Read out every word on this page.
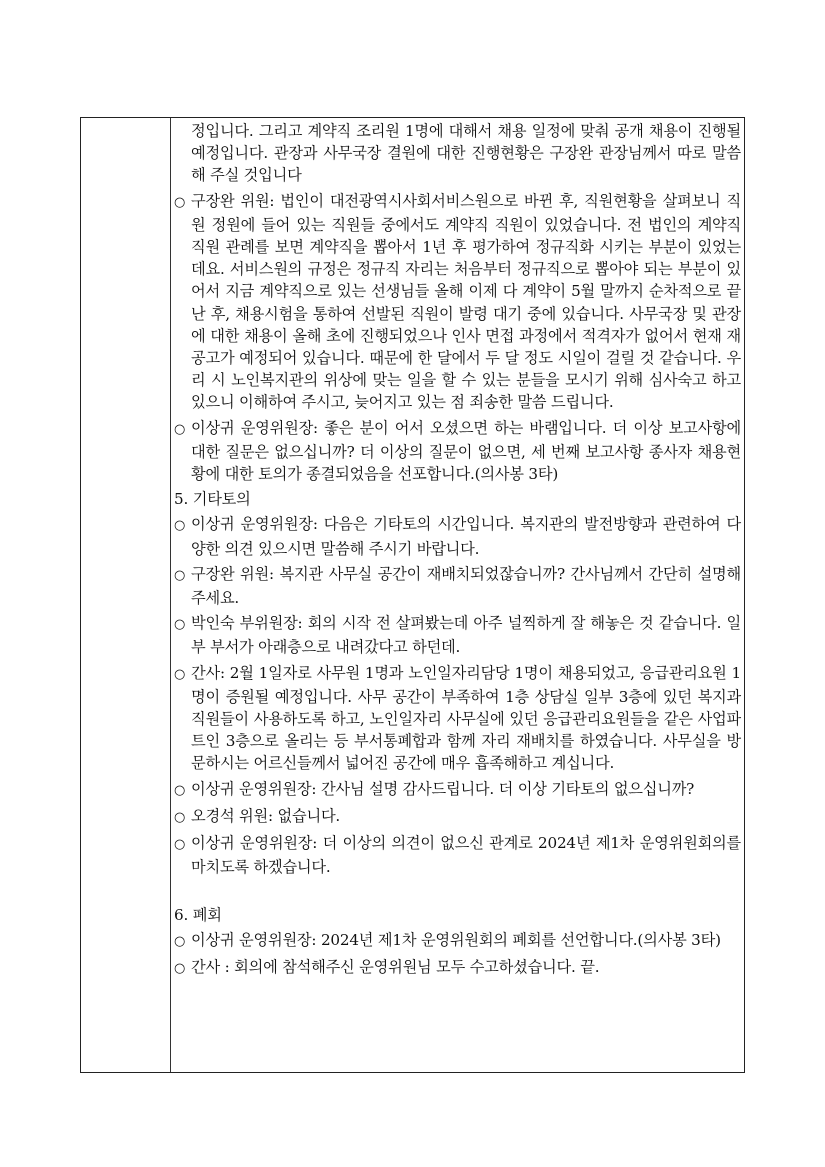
정입니다. 그리고 계약직 조리원 1명에 대해서 채용 일정에 맞춰 공개 채용이 진행될 예정입니다. 관장과 사무국장 결원에 대한 진행현황은 구장완 관장님께서 따로 말씀해 주실 것입니다

○ 구장완 위원: 법인이 대전광역시사회서비스원으로 바뀐 후, 직원현황을 살펴보니 직원 정원에 들어 있는 직원들 중에서도 계약직 직원이 있었습니다. 전 법인의 계약직 직원 관례를 보면 계약직을 뽑아서 1년 후 평가하여 정규직화 시키는 부분이 있었는데요. 서비스원의 규정은 정규직 자리는 처음부터 정규직으로 뽑아야 되는 부분이 있어서 지금 계약직으로 있는 선생님들 올해 이제 다 계약이 5월 말까지 순차적으로 끝난 후, 채용시험을 통하여 선발된 직원이 발령 대기 중에 있습니다. 사무국장 및 관장에 대한 채용이 올해 초에 진행되었으나 인사 면접 과정에서 적격자가 없어서 현재 재공고가 예정되어 있습니다. 때문에 한 달에서 두 달 정도 시일이 걸릴 것 같습니다. 우리 시 노인복지관의 위상에 맞는 일을 할 수 있는 분들을 모시기 위해 심사숙고 하고 있으니 이해하여 주시고, 늦어지고 있는 점 죄송한 말씀 드립니다.

○ 이상귀 운영위원장: 좋은 분이 어서 오셨으면 하는 바램입니다. 더 이상 보고사항에 대한 질문은 없으십니까? 더 이상의 질문이 없으면, 세 번째 보고사항 종사자 채용현황에 대한 토의가 종결되었음을 선포합니다.(의사봉 3타)

5. 기타토의

○ 이상귀 운영위원장: 다음은 기타토의 시간입니다. 복지관의 발전방향과 관련하여 다양한 의견 있으시면 말씀해 주시기 바랍니다.

○ 구장완 위원: 복지관 사무실 공간이 재배치되었잖습니까? 간사님께서 간단히 설명해주세요.

○ 박인숙 부위원장: 회의 시작 전 살펴봤는데 아주 널찍하게 잘 해놓은 것 같습니다. 일부 부서가 아래층으로 내려갔다고 하던데.

○ 간사: 2월 1일자로 사무원 1명과 노인일자리담당 1명이 채용되었고, 응급관리요원 1명이 증원될 예정입니다. 사무 공간이 부족하여 1층 상담실 일부 3층에 있던 복지과 직원들이 사용하도록 하고, 노인일자리 사무실에 있던 응급관리요원들을 같은 사업파트인 3층으로 올리는 등 부서통폐합과 함께 자리 재배치를 하였습니다. 사무실을 방문하시는 어르신들께서 넓어진 공간에 매우 흡족해하고 계십니다.

○ 이상귀 운영위원장: 간사님 설명 감사드립니다. 더 이상 기타토의 없으십니까?

○ 오경석 위원: 없습니다.

○ 이상귀 운영위원장: 더 이상의 의견이 없으신 관계로 2024년 제1차 운영위원회의를 마치도록 하겠습니다.

6. 폐회

○ 이상귀 운영위원장: 2024년 제1차 운영위원회의 폐회를 선언합니다.(의사봉 3타)

○ 간사 : 회의에 참석해주신 운영위원님 모두 수고하셨습니다. 끝.
